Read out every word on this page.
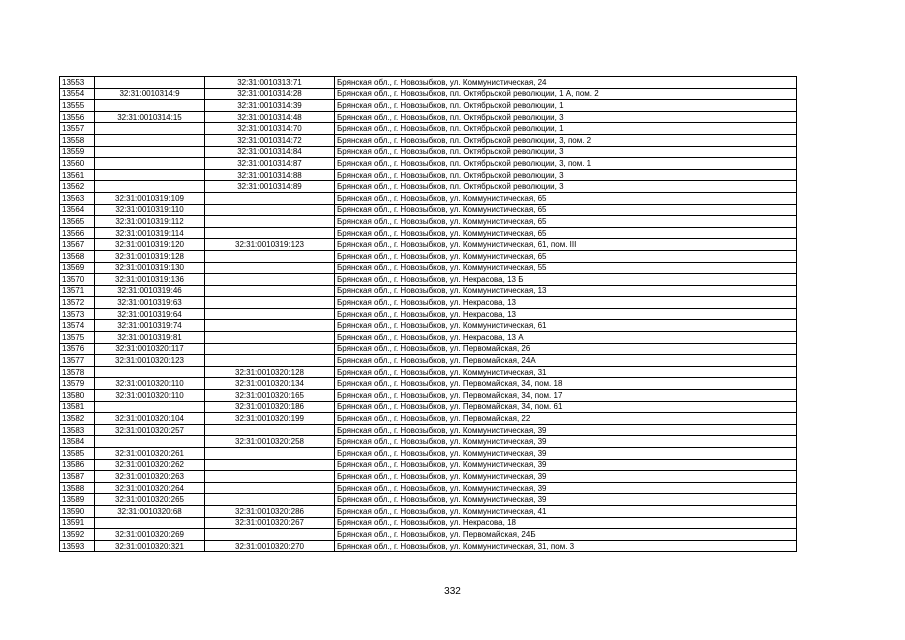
13553		32:31:0010313:71	Брянская обл., г. Новозыбков, ул. Коммунистическая, 24
13554	32:31:0010314:9	32:31:0010314:28	Брянская обл., г. Новозыбков, пл. Октябрьской революции, 1 А, пом. 2
13555		32:31:0010314:39	Брянская обл., г. Новозыбков, пл. Октябрьской революции, 1
13556	32:31:0010314:15	32:31:0010314:48	Брянская обл., г. Новозыбков, пл. Октябрьской революции, 3
13557		32:31:0010314:70	Брянская обл., г. Новозыбков, пл. Октябрьской революции, 1
13558		32:31:0010314:72	Брянская обл., г. Новозыбков, пл. Октябрьской революции, 3, пом. 2
13559		32:31:0010314:84	Брянская обл., г. Новозыбков, пл. Октябрьской революции, 3
13560		32:31:0010314:87	Брянская обл., г. Новозыбков, пл. Октябрьской революции, 3, пом. 1
13561		32:31:0010314:88	Брянская обл., г. Новозыбков, пл. Октябрьской революции, 3
13562		32:31:0010314:89	Брянская обл., г. Новозыбков, пл. Октябрьской революции, 3
13563	32:31:0010319:109		Брянская обл., г. Новозыбков, ул. Коммунистическая, 65
13564	32:31:0010319:110		Брянская обл., г. Новозыбков, ул. Коммунистическая, 65
13565	32:31:0010319:112		Брянская обл., г. Новозыбков, ул. Коммунистическая, 65
13566	32:31:0010319:114		Брянская обл., г. Новозыбков, ул. Коммунистическая, 65
13567	32:31:0010319:120	32:31:0010319:123	Брянская обл., г. Новозыбков, ул. Коммунистическая, 61, пом. III
13568	32:31:0010319:128		Брянская обл., г. Новозыбков, ул. Коммунистическая, 65
13569	32:31:0010319:130		Брянская обл., г. Новозыбков, ул. Коммунистическая, 55
13570	32:31:0010319:136		Брянская обл., г. Новозыбков, ул. Некрасова, 13 Б
13571	32:31:0010319:46		Брянская обл., г. Новозыбков, ул. Коммунистическая, 13
13572	32:31:0010319:63		Брянская обл., г. Новозыбков, ул. Некрасова, 13
13573	32:31:0010319:64		Брянская обл., г. Новозыбков, ул. Некрасова, 13
13574	32:31:0010319:74		Брянская обл., г. Новозыбков, ул. Коммунистическая, 61
13575	32:31:0010319:81		Брянская обл., г. Новозыбков, ул. Некрасова, 13 А
13576	32:31:0010320:117		Брянская обл., г. Новозыбков, ул. Первомайская, 26
13577	32:31:0010320:123		Брянская обл., г. Новозыбков, ул. Первомайская, 24А
13578		32:31:0010320:128	Брянская обл., г. Новозыбков, ул. Коммунистическая, 31
13579	32:31:0010320:110	32:31:0010320:134	Брянская обл., г. Новозыбков, ул. Первомайская, 34, пом. 18
13580	32:31:0010320:110	32:31:0010320:165	Брянская обл., г. Новозыбков, ул. Первомайская, 34, пом. 17
13581		32:31:0010320:186	Брянская обл., г. Новозыбков, ул. Первомайская, 34, пом. 61
13582	32:31:0010320:104	32:31:0010320:199	Брянская обл., г. Новозыбков, ул. Первомайская, 22
13583	32:31:0010320:257		Брянская обл., г. Новозыбков, ул. Коммунистическая, 39
13584		32:31:0010320:258	Брянская обл., г. Новозыбков, ул. Коммунистическая, 39
13585	32:31:0010320:261		Брянская обл., г. Новозыбков, ул. Коммунистическая, 39
13586	32:31:0010320:262		Брянская обл., г. Новозыбков, ул. Коммунистическая, 39
13587	32:31:0010320:263		Брянская обл., г. Новозыбков, ул. Коммунистическая, 39
13588	32:31:0010320:264		Брянская обл., г. Новозыбков, ул. Коммунистическая, 39
13589	32:31:0010320:265		Брянская обл., г. Новозыбков, ул. Коммунистическая, 39
13590	32:31:0010320:68	32:31:0010320:286	Брянская обл., г. Новозыбков, ул. Коммунистическая, 41
13591		32:31:0010320:267	Брянская обл., г. Новозыбков, ул. Некрасова, 18
13592	32:31:0010320:269		Брянская обл., г. Новозыбков, ул. Первомайская, 24Б
13593	32:31:0010320:321	32:31:0010320:270	Брянская обл., г. Новозыбков, ул. Коммунистическая, 31, пом. 3
332
